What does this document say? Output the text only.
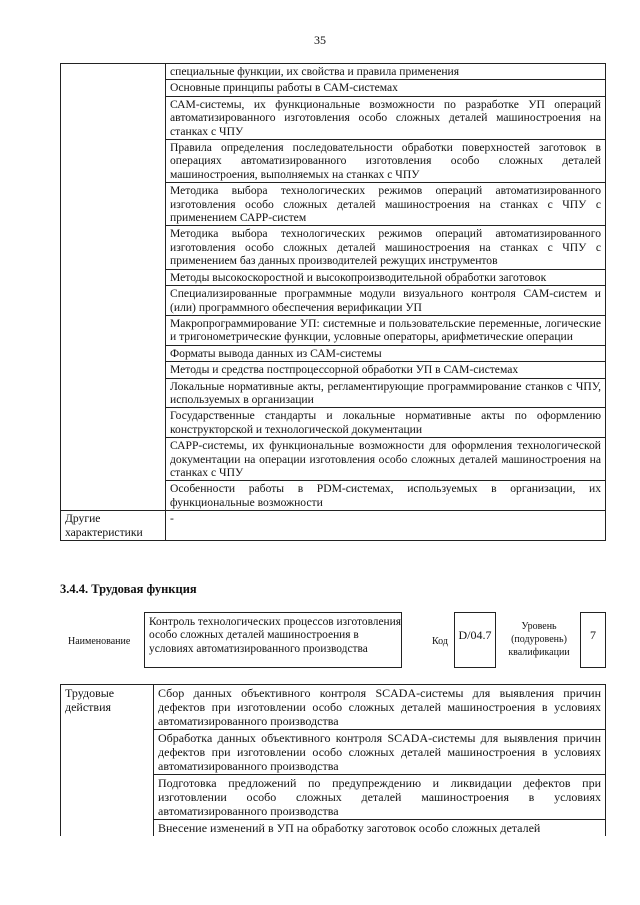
35
	специальные функции, их свойства и правила применения
	Основные принципы работы в САМ-системах
	САМ-системы, их функциональные возможности по разработке УП операций автоматизированного изготовления особо сложных деталей машиностроения на станках с ЧПУ
	Правила определения последовательности обработки поверхностей заготовок в операциях автоматизированного изготовления особо сложных деталей машиностроения, выполняемых на станках с ЧПУ
	Методика выбора технологических режимов операций автоматизированного изготовления особо сложных деталей машиностроения на станках с ЧПУ с применением САРР-систем
	Методика выбора технологических режимов операций автоматизированного изготовления особо сложных деталей машиностроения на станках с ЧПУ с применением баз данных производителей режущих инструментов
	Методы высокоскоростной и высокопроизводительной обработки заготовок
	Специализированные программные модули визуального контроля САМ-систем и (или) программного обеспечения верификации УП
	Макропрограммирование УП: системные и пользовательские переменные, логические и тригонометрические функции, условные операторы, арифметические операции
	Форматы вывода данных из САМ-системы
	Методы и средства постпроцессорной обработки УП в САМ-системах
	Локальные нормативные акты, регламентирующие программирование станков с ЧПУ, используемых в организации
	Государственные стандарты и локальные нормативные акты по оформлению конструкторской и технологической документации
	САРР-системы, их функциональные возможности для оформления технологической документации на операции изготовления особо сложных деталей машиностроения на станках с ЧПУ
	Особенности работы в PDM-системах, используемых в организации, их функциональные возможности
Другие характеристики	-
3.4.4. Трудовая функция
Наименование
Контроль технологических процессов изготовления особо сложных деталей машиностроения в условиях автоматизированного производства
Код D/04.7
Уровень (подуровень) квалификации
7
Трудовые действия	Сбор данных объективного контроля SCADA-системы для выявления причин дефектов при изготовлении особо сложных деталей машиностроения в условиях автоматизированного производства
Обработка данных объективного контроля SCADA-системы для выявления причин дефектов при изготовлении особо сложных деталей машиностроения в условиях автоматизированного производства
Подготовка предложений по предупреждению и ликвидации дефектов при изготовлении особо сложных деталей машиностроения в условиях автоматизированного производства
Внесение изменений в УП на обработку заготовок особо сложных деталей
